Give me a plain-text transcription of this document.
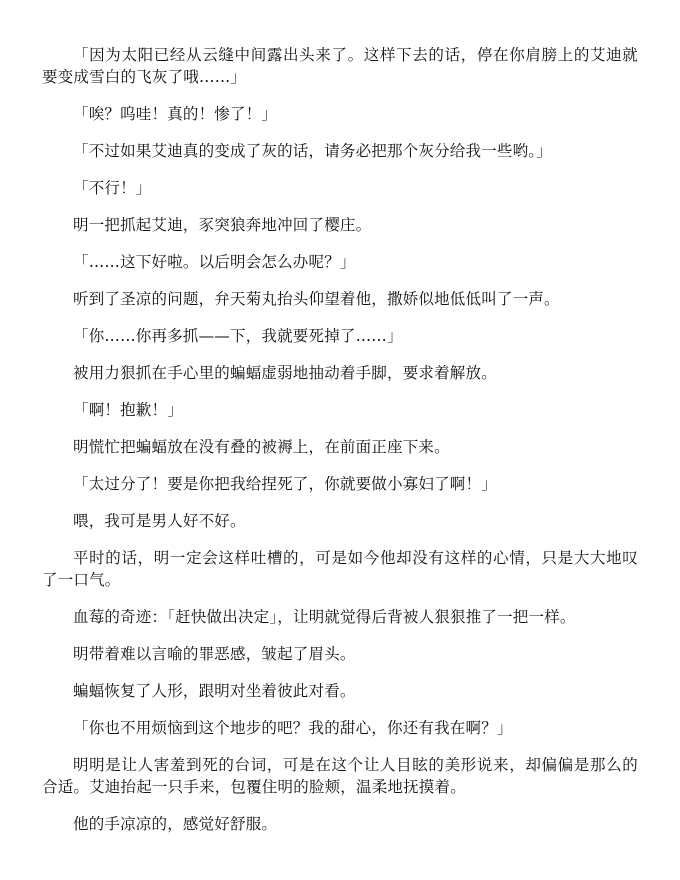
「因为太阳已经从云缝中间露出头来了。这样下去的话，停在你肩膀上的艾迪就要变成雪白的飞灰了哦……」

「唉？呜哇！真的！惨了！」

「不过如果艾迪真的变成了灰的话，请务必把那个灰分给我一些哟。」

「不行！」

明一把抓起艾迪，豕突狼奔地冲回了樱庄。

「……这下好啦。以后明会怎么办呢？」

听到了圣凉的问题，弁天菊丸抬头仰望着他，撒娇似地低低叫了一声。

「你……你再多抓——下，我就要死掉了……」

被用力狠抓在手心里的蝙蝠虚弱地抽动着手脚，要求着解放。

「啊！抱歉！」

明慌忙把蝙蝠放在没有叠的被褥上，在前面正座下来。

「太过分了！要是你把我给捏死了，你就要做小寡妇了啊！」

喂，我可是男人好不好。

平时的话，明一定会这样吐槽的，可是如今他却没有这样的心情，只是大大地叹了一口气。

血莓的奇迹：「赶快做出决定」，让明就觉得后背被人狠狠推了一把一样。

明带着难以言喻的罪恶感，皱起了眉头。

蝙蝠恢复了人形，跟明对坐着彼此对看。

「你也不用烦恼到这个地步的吧？我的甜心，你还有我在啊？」

明明是让人害羞到死的台词，可是在这个让人目眩的美形说来，却偏偏是那么的合适。艾迪抬起一只手来，包覆住明的脸颊，温柔地抚摸着。

他的手凉凉的，感觉好舒服。
